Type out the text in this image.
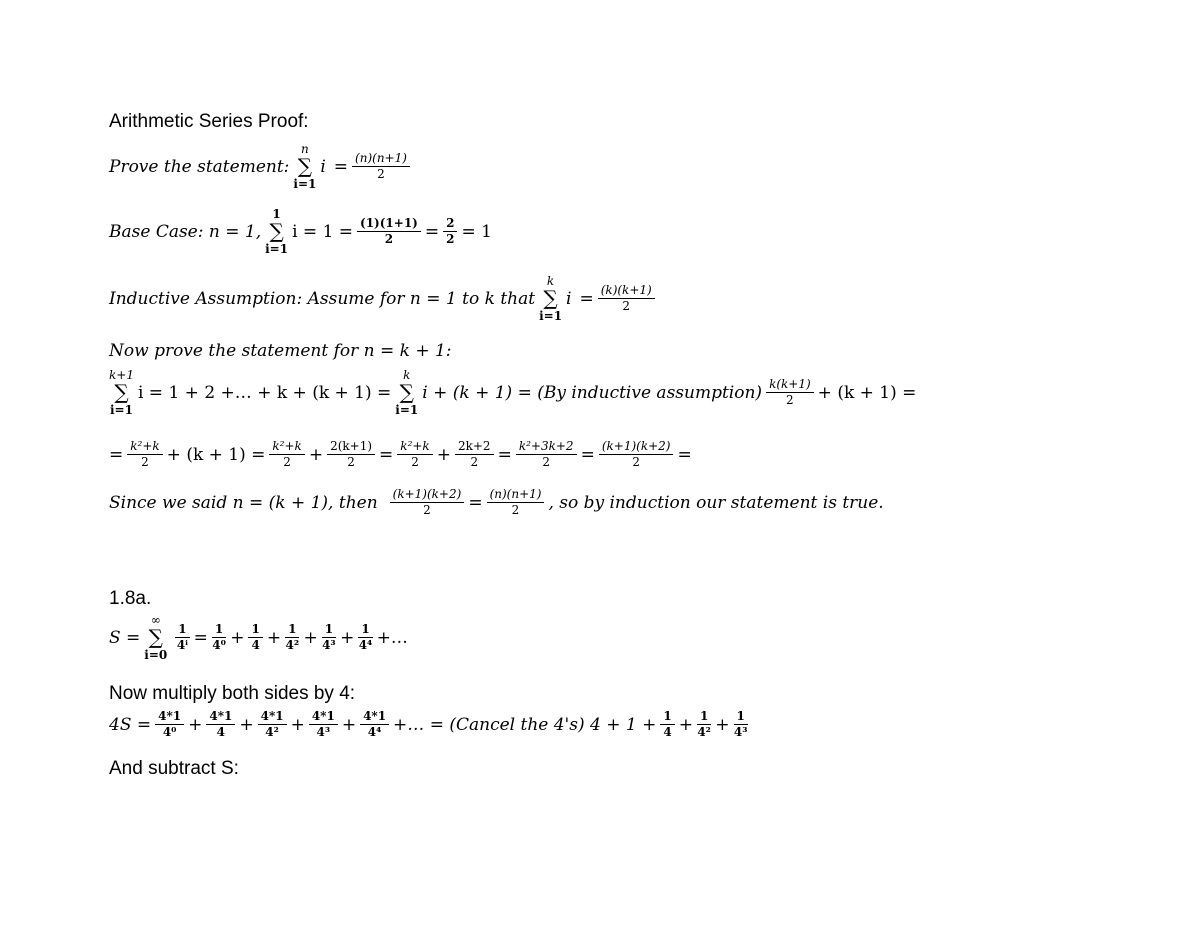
Arithmetic Series Proof:
Prove the statement:
n
∑
i=1
$i = \frac{(n)(n+1)}{2}$
Base Case: n = 1,
1
∑
i=1
$i = 1 = \frac{(1)(1+1)}{2} = \frac{2}{2} = 1$
Inductive Assumption: Assume for n = 1 to k that
k
∑
i=1
$i = \frac{(k)(k+1)}{2}$
Now prove the statement for n = k + 1:
k+1
∑
i=1
i = 1 + 2 +… + k + (k + 1) =
k
∑
i=1
i + (k + 1) = (By inductive assumption) $\frac{k(k+1)}{2} + (k + 1)$ =
= $\frac{\text{k²+k}}{2} + (k + 1) = \frac{\text{k²+k}}{2} + \frac{2(k+1)}{2} = \frac{\text{k²+k}}{2} + \frac{2k+2}{2} = \frac{\text{k²+3k+2}}{2} = \frac{(k+1)(k+2)}{2}$ =
Since we said n = (k + 1), then $\frac{(k+1)(k+2)}{2} = \frac{(n)(n+1)}{2}$ , so by induction our statement is true.
1.8a.
S =
∞
∑
i=0
$\frac{1}{\text{4ⁱ}} = \frac{1}{\text{4⁰}} + \frac{1}{4} + \frac{1}{\text{4²}} + \frac{1}{\text{4³}} + \frac{1}{\text{4⁴}}$ +…
Now multiply both sides by 4:
$4S = \frac{4*1}{\text{4⁰}} + \frac{4*1}{4} + \frac{4*1}{\text{4²}} + \frac{4*1}{\text{4³}} + \frac{4*1}{\text{4⁴}}$ +… = (Cancel the 4's) $4 + 1 + \frac{1}{4} + \frac{1}{\text{4²}} + \frac{1}{\text{4³}}$
And subtract S:
